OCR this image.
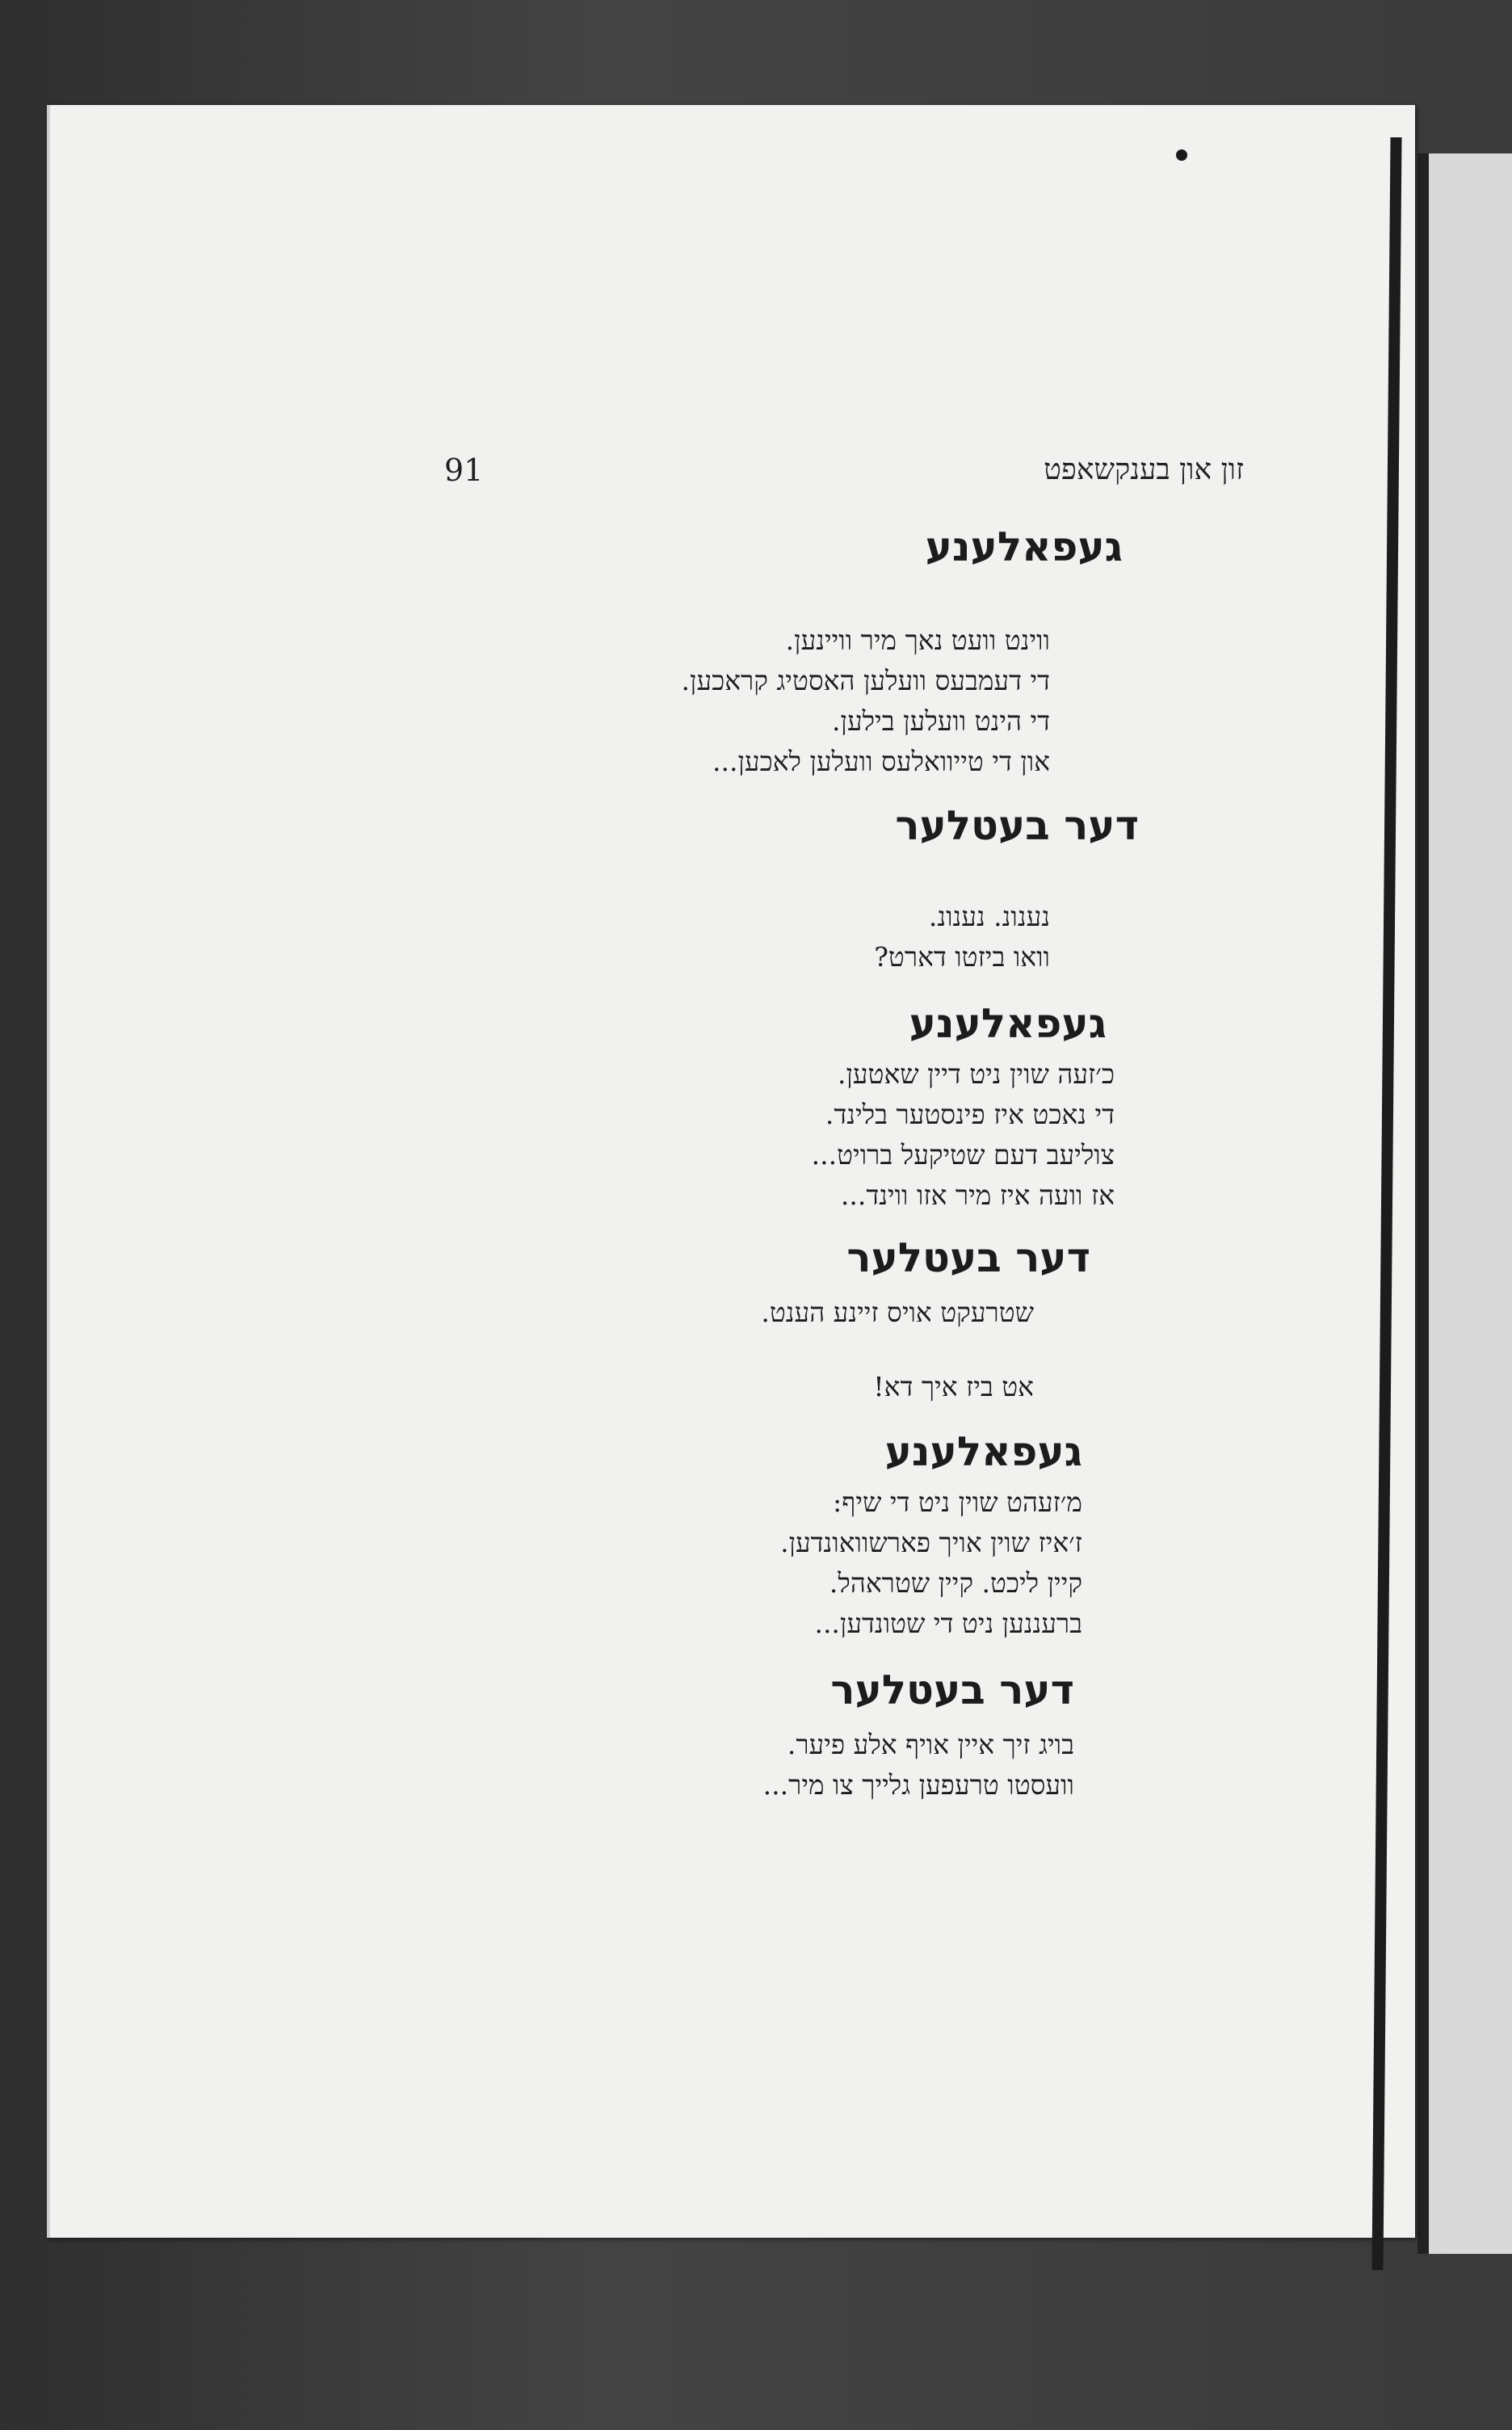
91	זון און בענקשאפט

געפאלענע

ווינט וועט נאך מיר וויינען.

די דעמבעס וועלען האסטיג קראכען.

די הינט וועלען בילען.

און די טייוואלעס וועלען לאכען...

דער בעטלער

נענונ. נענונ.

וואו ביזטו דארט?

געפאלענע

כ׳זעה שוין ניט דיין שאטען.

די נאכט איז פינסטער בלינד.

צוליעב דעם שטיקעל ברויט...

אז וועה איז מיר אזו ווינד...

דער בעטלער

שטרעקט אויס זיינע הענט.

אט ביז איך דא!

געפאלענע

מ׳זעהט שוין ניט די שיף:

ז׳איז שוין אויך פארשוואונדען.

קיין ליכט. קיין שטראהל.

ברעננען ניט די שטונדען...

דער בעטלער

בויג זיך איין אויף אלע פיער.

וועסטו טרעפען גלייך צו מיר...
